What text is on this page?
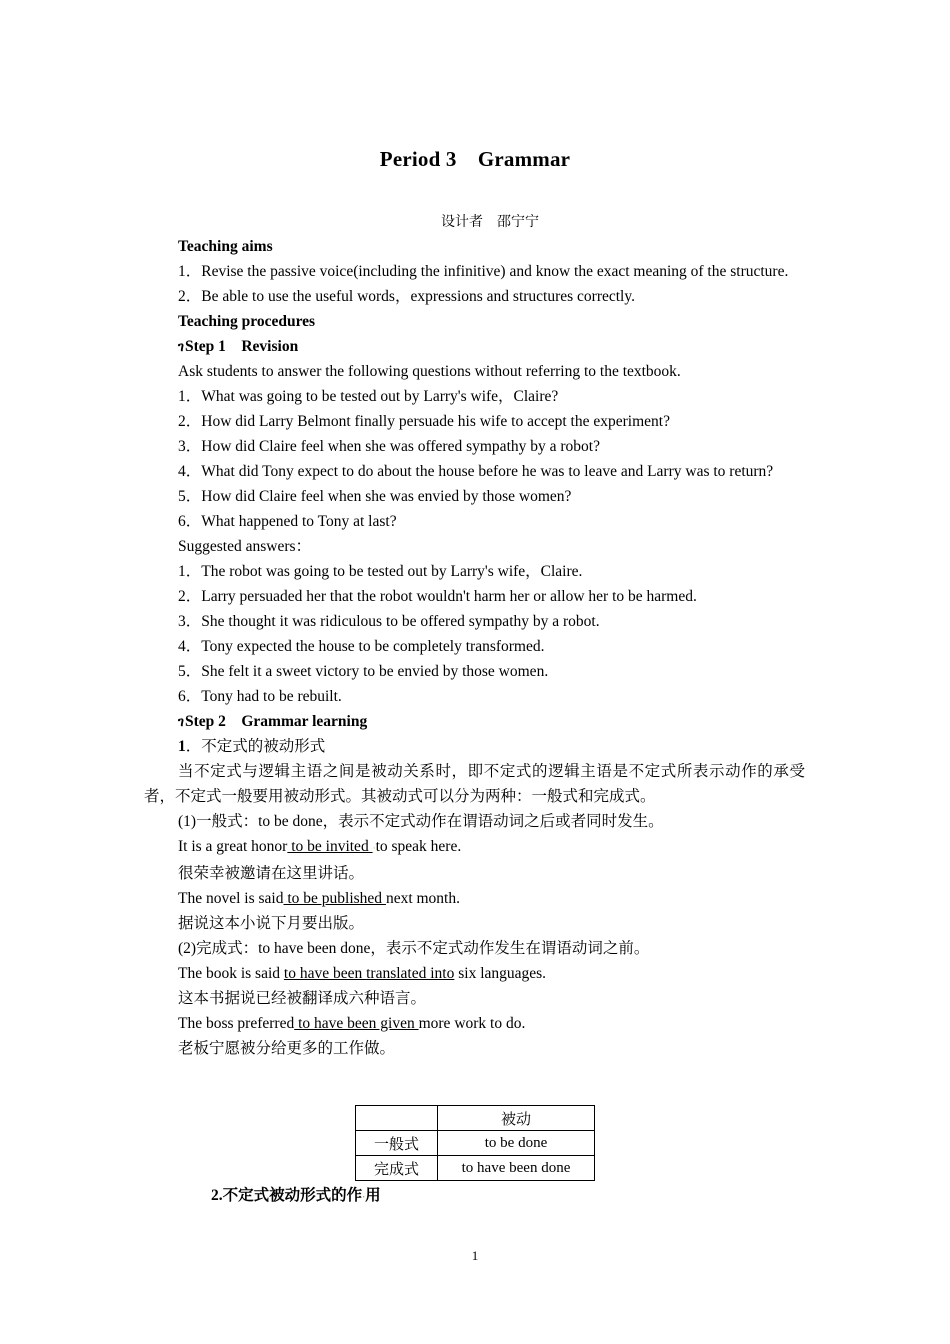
Period 3　Grammar
设计者　邵宁宁

Teaching aims

1．Revise the passive voice(including the infinitive) and know the exact meaning of the structure.

2．Be able to use the useful words，expressions and structures correctly.

Teaching procedures

ገStep 1　Revision

Ask students to answer the following questions without referring to the textbook.

1．What was going to be tested out by Larry's wife，Claire?

2．How did Larry Belmont finally persuade his wife to accept the experiment?

3．How did Claire feel when she was offered sympathy by a robot?

4．What did Tony expect to do about the house before he was to leave and Larry was to return?

5．How did Claire feel when she was envied by those women?

6．What happened to Tony at last?

Suggested answers：

1．The robot was going to be tested out by Larry's wife，Claire.

2．Larry persuaded her that the robot wouldn't harm her or allow her to be harmed.

3．She thought it was ridiculous to be offered sympathy by a robot.

4．Tony expected the house to be completely transformed.

5．She felt it a sweet victory to be envied by those women.

6．Tony had to be rebuilt.

ገStep 2　Grammar learning

1．不定式的被动形式

当不定式与逻辑主语之间是被动关系时，即不定式的逻辑主语是不定式所表示动作的承受者，不定式一般要用被动形式。其被动式可以分为两种：一般式和完成式。

(1)一般式：to be done，表示不定式动作在谓语动词之后或者同时发生。

It is a great honor to be invited ·to speak here.

很荣幸被邀请在这里讲话。

The novel is said to be published next month.

据说这本小说下月要出版。

(2)完成式：to have been done，表示不定式动作发生在谓语动词之前。

The book is said to have been translated into six languages.

这本书据说已经被翻译成六种语言。

The boss preferred to have been given more work to do.

老板宁愿被分给更多的工作做。

	被动
一般式	to be done
完成式	to have been done
2.不定式被动形式的作·用
1
